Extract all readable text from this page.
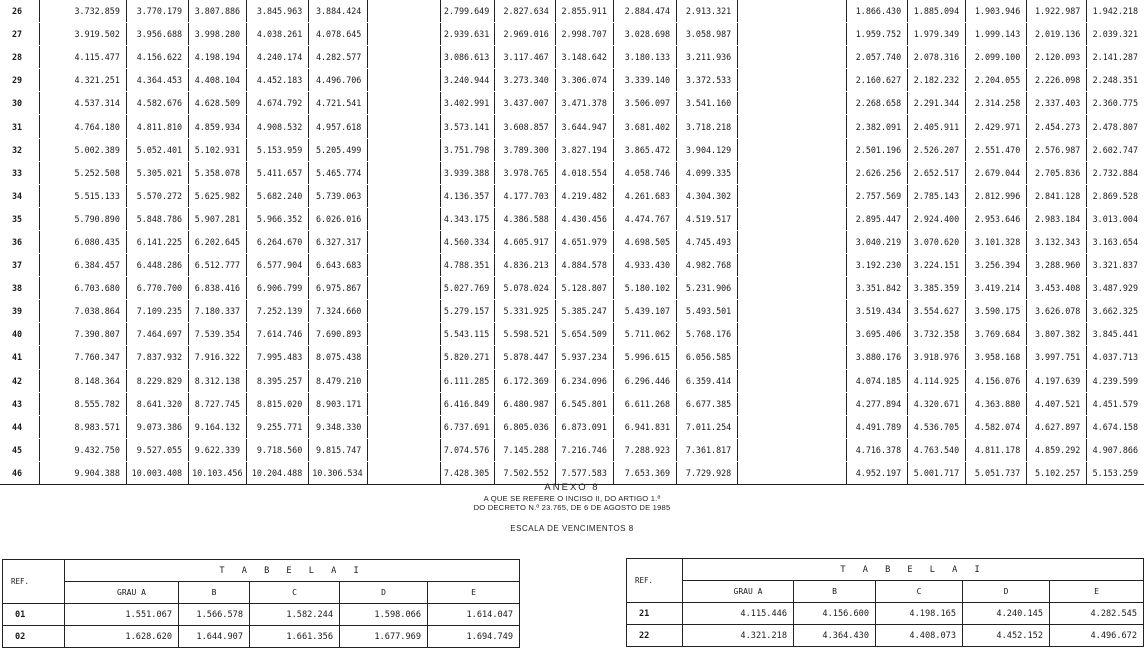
26	3.732.859	3.770.179	3.807.886	3.845.963	3.884.424		2.799.649	2.827.634	2.855.911	2.884.474	2.913.321		1.866.430	1.885.094	1.903.946	1.922.987	1.942.218
27	3.919.502	3.956.688	3.998.280	4.038.261	4.078.645		2.939.631	2.969.016	2.998.707	3.028.698	3.058.987		1.959.752	1.979.349	1.999.143	2.019.136	2.039.321
28	4.115.477	4.156.622	4.198.194	4.240.174	4.282.577		3.086.613	3.117.467	3.148.642	3.180.133	3.211.936		2.057.740	2.078.316	2.099.100	2.120.093	2.141.287
29	4.321.251	4.364.453	4.408.104	4.452.183	4.496.706		3.240.944	3.273.340	3.306.074	3.339.140	3.372.533		2.160.627	2.182.232	2.204.055	2.226.098	2.248.351
30	4.537.314	4.582.676	4.628.509	4.674.792	4.721.541		3.402.991	3.437.007	3.471.378	3.506.097	3.541.160		2.268.658	2.291.344	2.314.258	2.337.403	2.360.775
31	4.764.180	4.811.810	4.859.934	4.908.532	4.957.618		3.573.141	3.608.857	3.644.947	3.681.402	3.718.218		2.382.091	2.405.911	2.429.971	2.454.273	2.478.807
32	5.002.389	5.052.401	5.102.931	5.153.959	5.205.499		3.751.798	3.789.300	3.827.194	3.865.472	3.904.129		2.501.196	2.526.207	2.551.470	2.576.987	2.602.747
33	5.252.508	5.305.021	5.358.078	5.411.657	5.465.774		3.939.388	3.978.765	4.018.554	4.058.746	4.099.335		2.626.256	2.652.517	2.679.044	2.705.836	2.732.884
34	5.515.133	5.570.272	5.625.982	5.682.240	5.739.063		4.136.357	4.177.703	4.219.482	4.261.683	4.304.302		2.757.569	2.785.143	2.812.996	2.841.128	2.869.528
35	5.790.890	5.848.786	5.907.281	5.966.352	6.026.016		4.343.175	4.386.588	4.430.456	4.474.767	4.519.517		2.895.447	2.924.400	2.953.646	2.983.184	3.013.004
36	6.080.435	6.141.225	6.202.645	6.264.670	6.327.317		4.560.334	4.605.917	4.651.979	4.698.505	4.745.493		3.040.219	3.070.620	3.101.328	3.132.343	3.163.654
37	6.384.457	6.448.286	6.512.777	6.577.904	6.643.683		4.788.351	4.836.213	4.884.578	4.933.430	4.982.768		3.192.230	3.224.151	3.256.394	3.288.960	3.321.837
38	6.703.680	6.770.700	6.838.416	6.906.799	6.975.867		5.027.769	5.078.024	5.128.807	5.180.102	5.231.906		3.351.842	3.385.359	3.419.214	3.453.408	3.487.929
39	7.038.864	7.109.235	7.180.337	7.252.139	7.324.660		5.279.157	5.331.925	5.385.247	5.439.107	5.493.501		3.519.434	3.554.627	3.590.175	3.626.078	3.662.325
40	7.390.807	7.464.697	7.539.354	7.614.746	7.690.893		5.543.115	5.598.521	5.654.509	5.711.062	5.768.176		3.695.406	3.732.358	3.769.684	3.807.382	3.845.441
41	7.760.347	7.837.932	7.916.322	7.995.483	8.075.438		5.820.271	5.878.447	5.937.234	5.996.615	6.056.585		3.880.176	3.918.976	3.958.168	3.997.751	4.037.713
42	8.148.364	8.229.829	8.312.138	8.395.257	8.479.210		6.111.285	6.172.369	6.234.096	6.296.446	6.359.414		4.074.185	4.114.925	4.156.076	4.197.639	4.239.599
43	8.555.782	8.641.320	8.727.745	8.815.020	8.903.171		6.416.849	6.480.987	6.545.801	6.611.268	6.677.385		4.277.894	4.320.671	4.363.880	4.407.521	4.451.579
44	8.983.571	9.073.386	9.164.132	9.255.771	9.348.330		6.737.691	6.805.036	6.873.091	6.941.831	7.011.254		4.491.789	4.536.705	4.582.074	4.627.897	4.674.158
45	9.432.750	9.527.055	9.622.339	9.718.560	9.815.747		7.074.576	7.145.288	7.216.746	7.288.923	7.361.817		4.716.378	4.763.540	4.811.178	4.859.292	4.907.866
46	9.904.388	10.003.408	10.103.456	10.204.488	10.306.534		7.428.305	7.502.552	7.577.583	7.653.369	7.729.928		4.952.197	5.001.717	5.051.737	5.102.257	5.153.259
ANEXO 8
A QUE SE REFERE O INCISO II, DO ARTIGO 1.º
DO DECRETO N.º 23.765, DE 6 DE AGOSTO DE 1985
ESCALA DE VENCIMENTOS 8
REF.	T A B E L A I				
	GRAU A	B	C	D	E
01	1.551.067	1.566.578	1.582.244	1.598.066	1.614.047
02	1.628.620	1.644.907	1.661.356	1.677.969	1.694.749
REF.	T A B E L A I				
	GRAU A	B	C	D	E
21	4.115.446	4.156.600	4.198.165	4.240.145	4.282.545
22	4.321.218	4.364.430	4.408.073	4.452.152	4.496.672
